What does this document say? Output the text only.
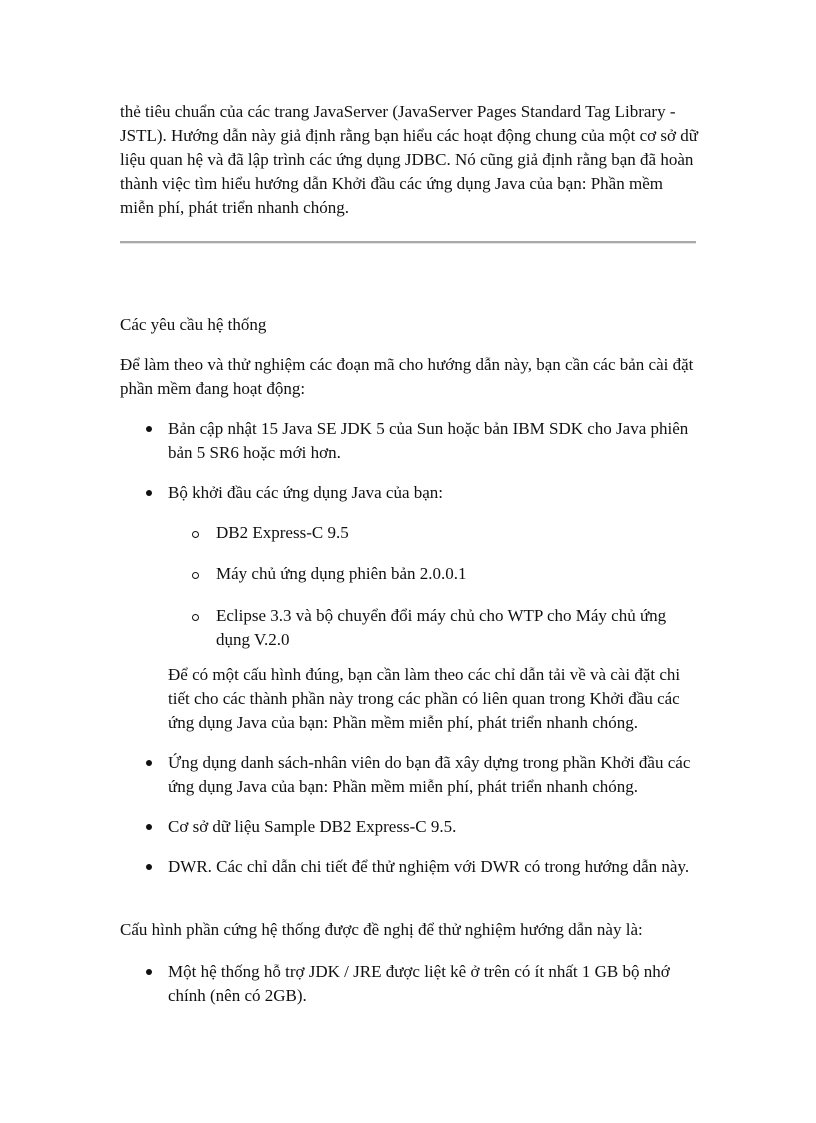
thẻ tiêu chuẩn của các trang JavaServer (JavaServer Pages Standard Tag Library - JSTL). Hướng dẫn này giả định rằng bạn hiểu các hoạt động chung của một cơ sở dữ liệu quan hệ và đã lập trình các ứng dụng JDBC. Nó cũng giả định rằng bạn đã hoàn thành việc tìm hiểu hướng dẫn Khởi đầu các ứng dụng Java của bạn: Phần mềm miễn phí, phát triển nhanh chóng.

Các yêu cầu hệ thống

Để làm theo và thử nghiệm các đoạn mã cho hướng dẫn này, bạn cần các bản cài đặt phần mềm đang hoạt động:

Bản cập nhật 15 Java SE JDK 5 của Sun hoặc bản IBM SDK cho Java phiên bản 5 SR6 hoặc mới hơn.
Bộ khởi đầu các ứng dụng Java của bạn:
DB2 Express-C 9.5
Máy chủ ứng dụng phiên bản 2.0.0.1
Eclipse 3.3 và bộ chuyển đổi máy chủ cho WTP cho Máy chủ ứng dụng V.2.0

Để có một cấu hình đúng, bạn cần làm theo các chỉ dẫn tải về và cài đặt chi tiết cho các thành phần này trong các phần có liên quan trong Khởi đầu các ứng dụng Java của bạn: Phần mềm miễn phí, phát triển nhanh chóng.

Ứng dụng danh sách-nhân viên do bạn đã xây dựng trong phần Khởi đầu các ứng dụng Java của bạn: Phần mềm miễn phí, phát triển nhanh chóng.
Cơ sở dữ liệu Sample DB2 Express-C 9.5.
DWR. Các chỉ dẫn chi tiết để thử nghiệm với DWR có trong hướng dẫn này.

Cấu hình phần cứng hệ thống được đề nghị để thử nghiệm hướng dẫn này là:

Một hệ thống hỗ trợ JDK / JRE được liệt kê ở trên có ít nhất 1 GB bộ nhớ chính (nên có 2GB).
